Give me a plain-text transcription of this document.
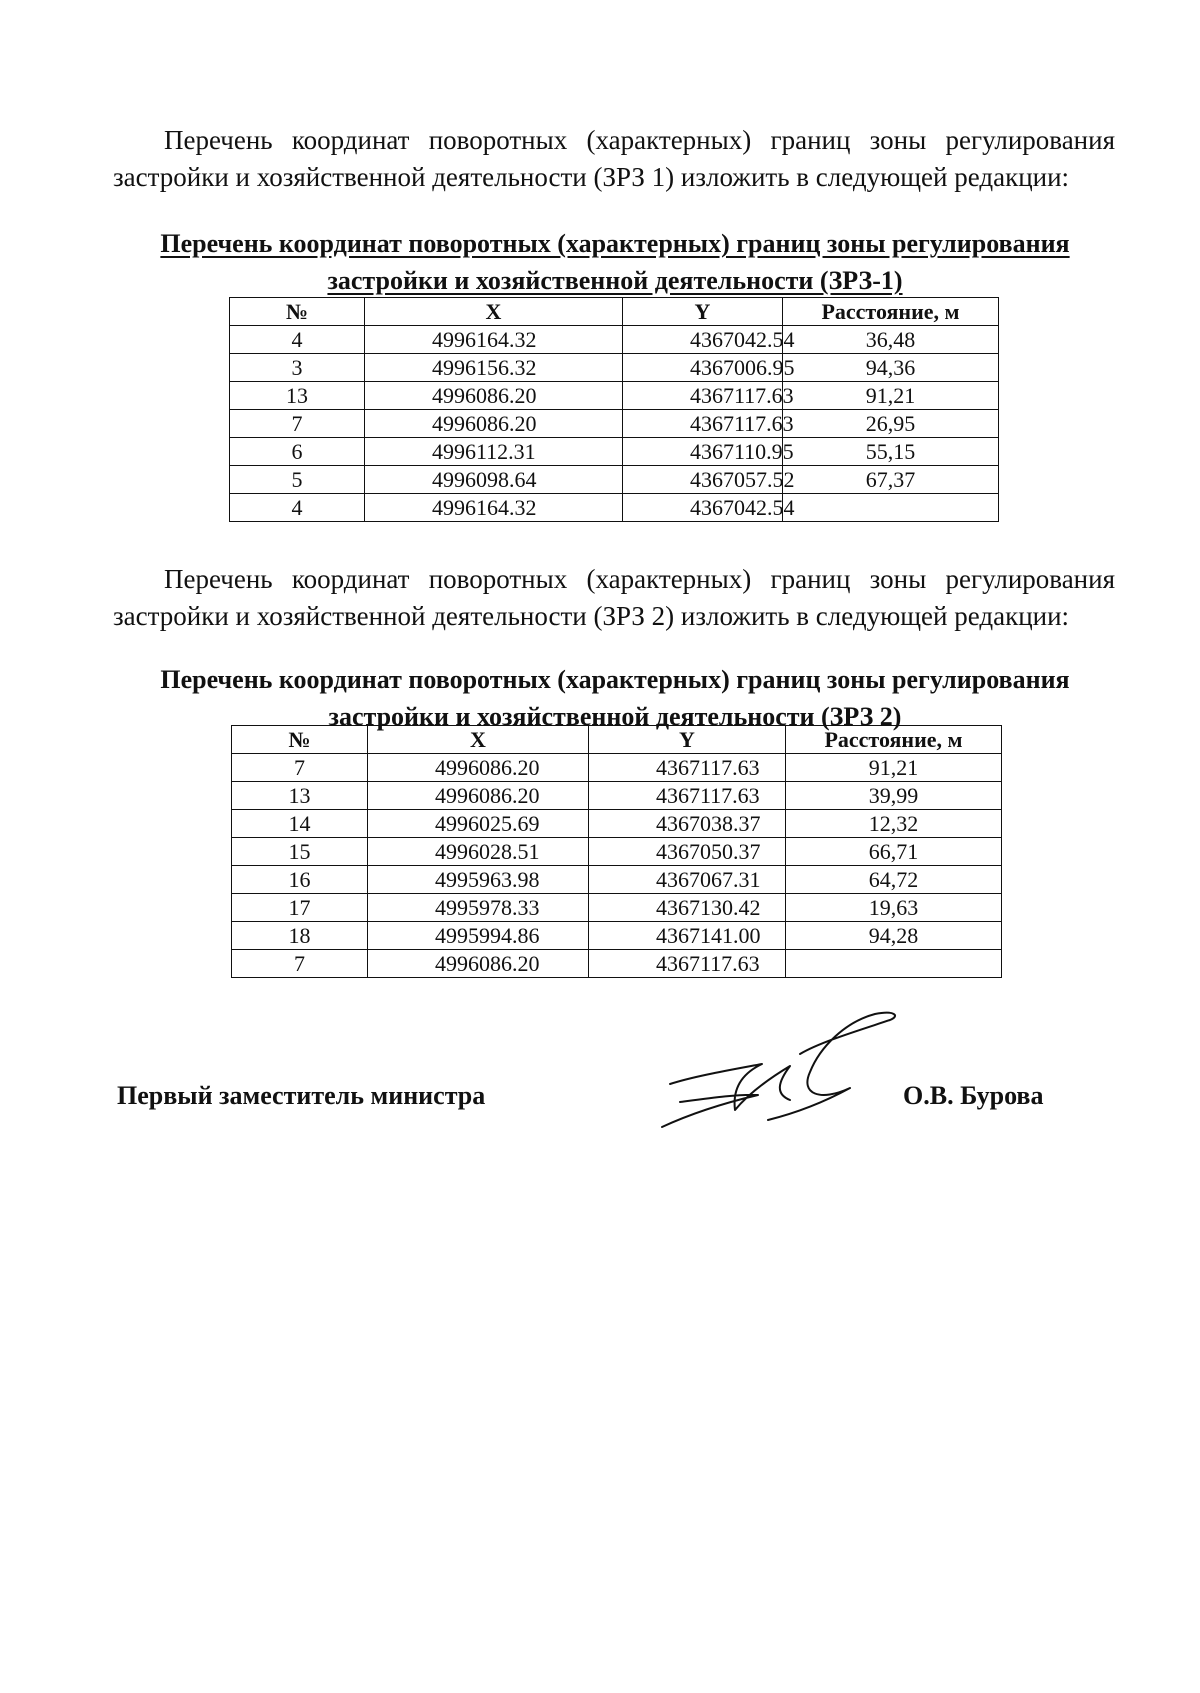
Перечень координат поворотных (характерных) границ зоны регулирования застройки и хозяйственной деятельности (ЗРЗ 1) изложить в следующей редакции:

Перечень координат поворотных (характерных) границ зоны регулирования застройки и хозяйственной деятельности (ЗРЗ-1)

№	X	Y	Расстояние, м
4	4996164.32	4367042.54	36,48
3	4996156.32	4367006.95	94,36
13	4996086.20	4367117.63	91,21
7	4996086.20	4367117.63	26,95
6	4996112.31	4367110.95	55,15
5	4996098.64	4367057.52	67,37
4	4996164.32	4367042.54	

Перечень координат поворотных (характерных) границ зоны регулирования застройки и хозяйственной деятельности (ЗРЗ 2) изложить в следующей редакции:

Перечень координат поворотных (характерных) границ зоны регулирования застройки и хозяйственной деятельности (ЗРЗ 2)

№	X	Y	Расстояние, м
7	4996086.20	4367117.63	91,21
13	4996086.20	4367117.63	39,99
14	4996025.69	4367038.37	12,32
15	4996028.51	4367050.37	66,71
16	4995963.98	4367067.31	64,72
17	4995978.33	4367130.42	19,63
18	4995994.86	4367141.00	94,28
7	4996086.20	4367117.63	

Первый заместитель министра	О.В. Бурова
